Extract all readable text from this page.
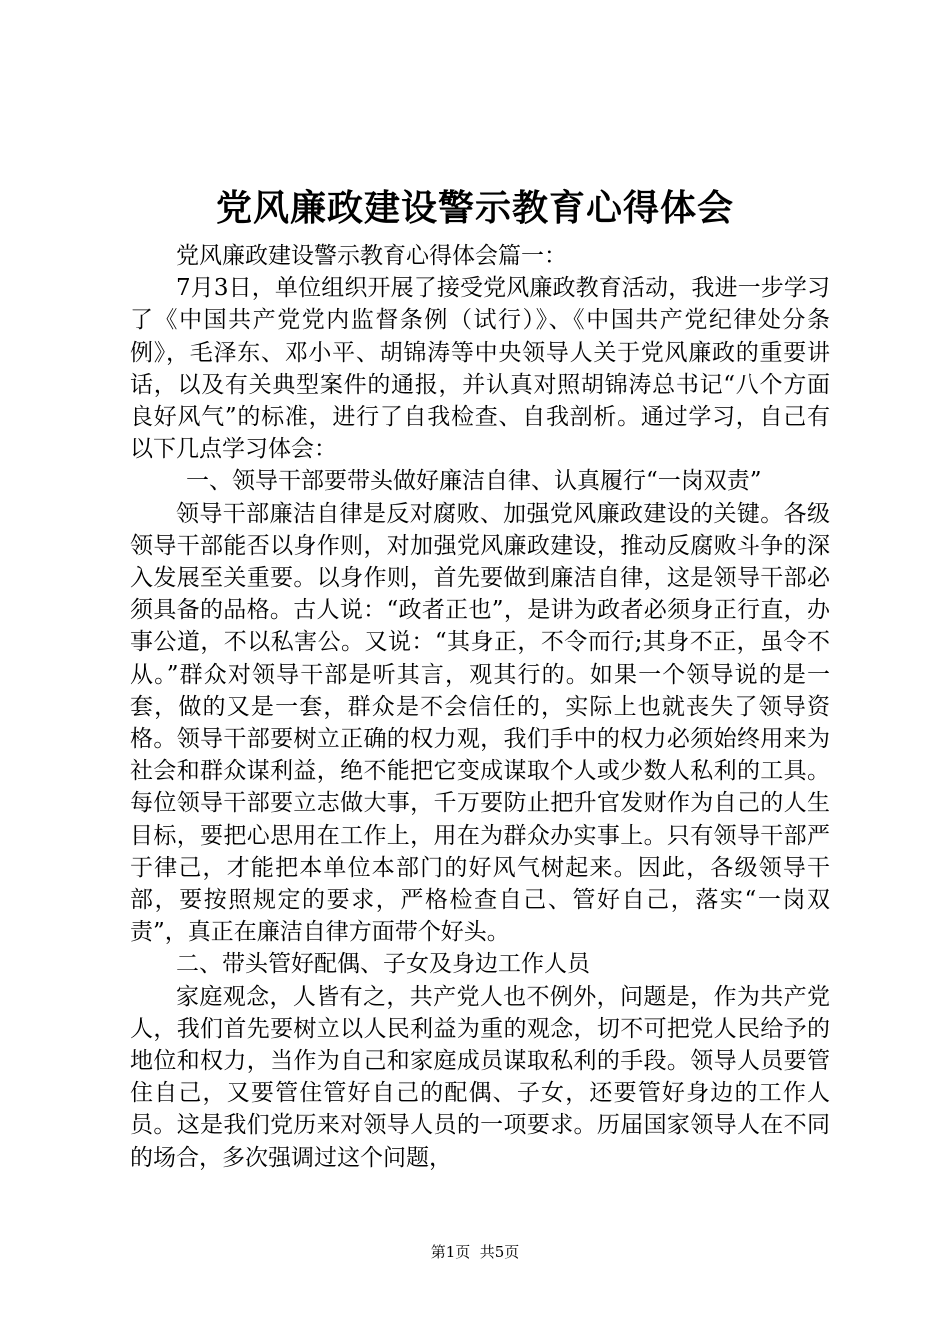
党风廉政建设警示教育心得体会

党风廉政建设警示教育心得体会篇一：

7月3日，单位组织开展了接受党风廉政教育活动，我进一步学习了《中国共产党党内监督条例（试行）》、《中国共产党纪律处分条例》，毛泽东、邓小平、胡锦涛等中央领导人关于党风廉政的重要讲话，以及有关典型案件的通报，并认真对照胡锦涛总书记“八个方面良好风气”的标准，进行了自我检查、自我剖析。通过学习，自己有以下几点学习体会：

一、领导干部要带头做好廉洁自律、认真履行“一岗双责”

领导干部廉洁自律是反对腐败、加强党风廉政建设的关键。各级领导干部能否以身作则，对加强党风廉政建设，推动反腐败斗争的深入发展至关重要。以身作则，首先要做到廉洁自律，这是领导干部必须具备的品格。古人说：“政者正也”，是讲为政者必须身正行直，办事公道，不以私害公。又说：“其身正，不令而行;其身不正，虽令不从。”群众对领导干部是听其言，观其行的。如果一个领导说的是一套，做的又是一套，群众是不会信任的，实际上也就丧失了领导资格。领导干部要树立正确的权力观，我们手中的权力必须始终用来为社会和群众谋利益，绝不能把它变成谋取个人或少数人私利的工具。每位领导干部要立志做大事，千万要防止把升官发财作为自己的人生目标，要把心思用在工作上，用在为群众办实事上。只有领导干部严于律己，才能把本单位本部门的好风气树起来。因此，各级领导干部，要按照规定的要求，严格检查自己、管好自己，落实“一岗双责”，真正在廉洁自律方面带个好头。

二、带头管好配偶、子女及身边工作人员

家庭观念，人皆有之，共产党人也不例外，问题是，作为共产党人，我们首先要树立以人民利益为重的观念，切不可把党人民给予的地位和权力，当作为自己和家庭成员谋取私利的手段。领导人员要管住自己，又要管住管好自己的配偶、子女，还要管好身边的工作人员。这是我们党历来对领导人员的一项要求。历届国家领导人在不同的场合，多次强调过这个问题，

第1页  共5页
